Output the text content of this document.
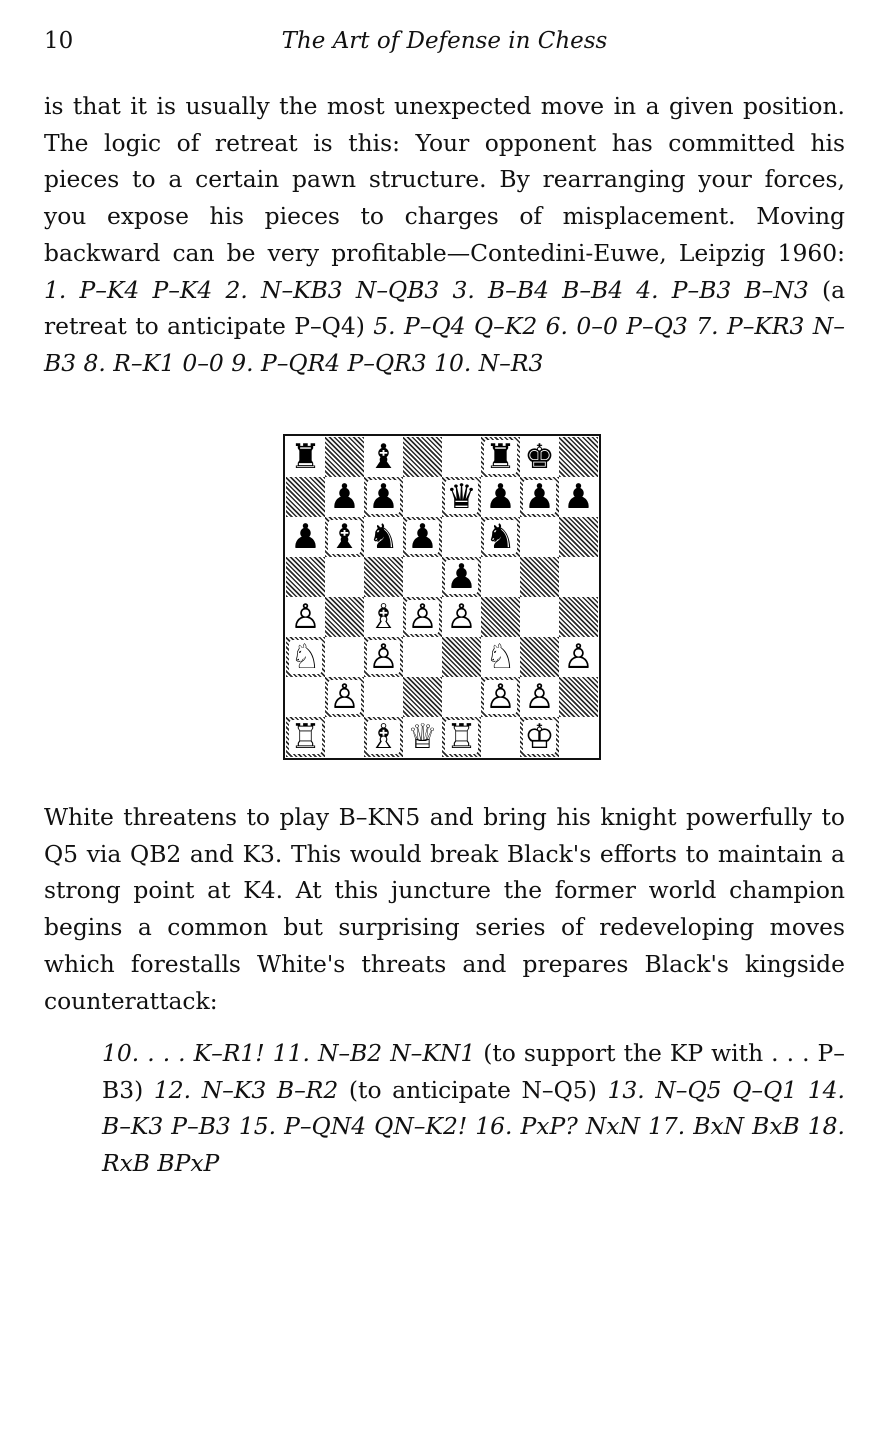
10	The Art of Defense in Chess

is that it is usually the most unexpected move in a given position. The logic of retreat is this: Your opponent has committed his pieces to a certain pawn structure. By rearranging your forces, you expose his pieces to charges of misplacement. Moving backward can be very profitable—Contedini-Euwe, Leipzig 1960: 1. P–K4 P–K4 2. N–KB3 N–QB3 3. B–B4 B–B4 4. P–B3 B–N3 (a retreat to anticipate P–Q4) 5. P–Q4 Q–K2 6. 0–0 P–Q3 7. P–KR3 N–B3 8. R–K1 0–0 9. P–QR4 P–QR3 10. N–R3

♜ ♝	♜ ♚
♟ ♟ ♛ ♟ ♟ ♟
♟ ♝ ♞ ♟ ♞
♟
♙ ♗ ♙ ♙
♘ ♙	♘ ♙
♙	♙ ♙
♖ ♗ ♕ ♖ ♔

White threatens to play B–KN5 and bring his knight powerfully to Q5 via QB2 and K3. This would break Black's efforts to maintain a strong point at K4. At this juncture the former world champion begins a common but surprising series of redeveloping moves which forestalls White's threats and prepares Black's kingside counterattack:

10. . . . K–R1! 11. N–B2 N–KN1 (to support the KP with . . . P–B3) 12. N–K3 B–R2 (to anticipate N–Q5) 13. N–Q5 Q–Q1 14. B–K3 P–B3 15. P–QN4 QN–K2! 16. PxP? NxN 17. BxN BxB 18. RxB BPxP
